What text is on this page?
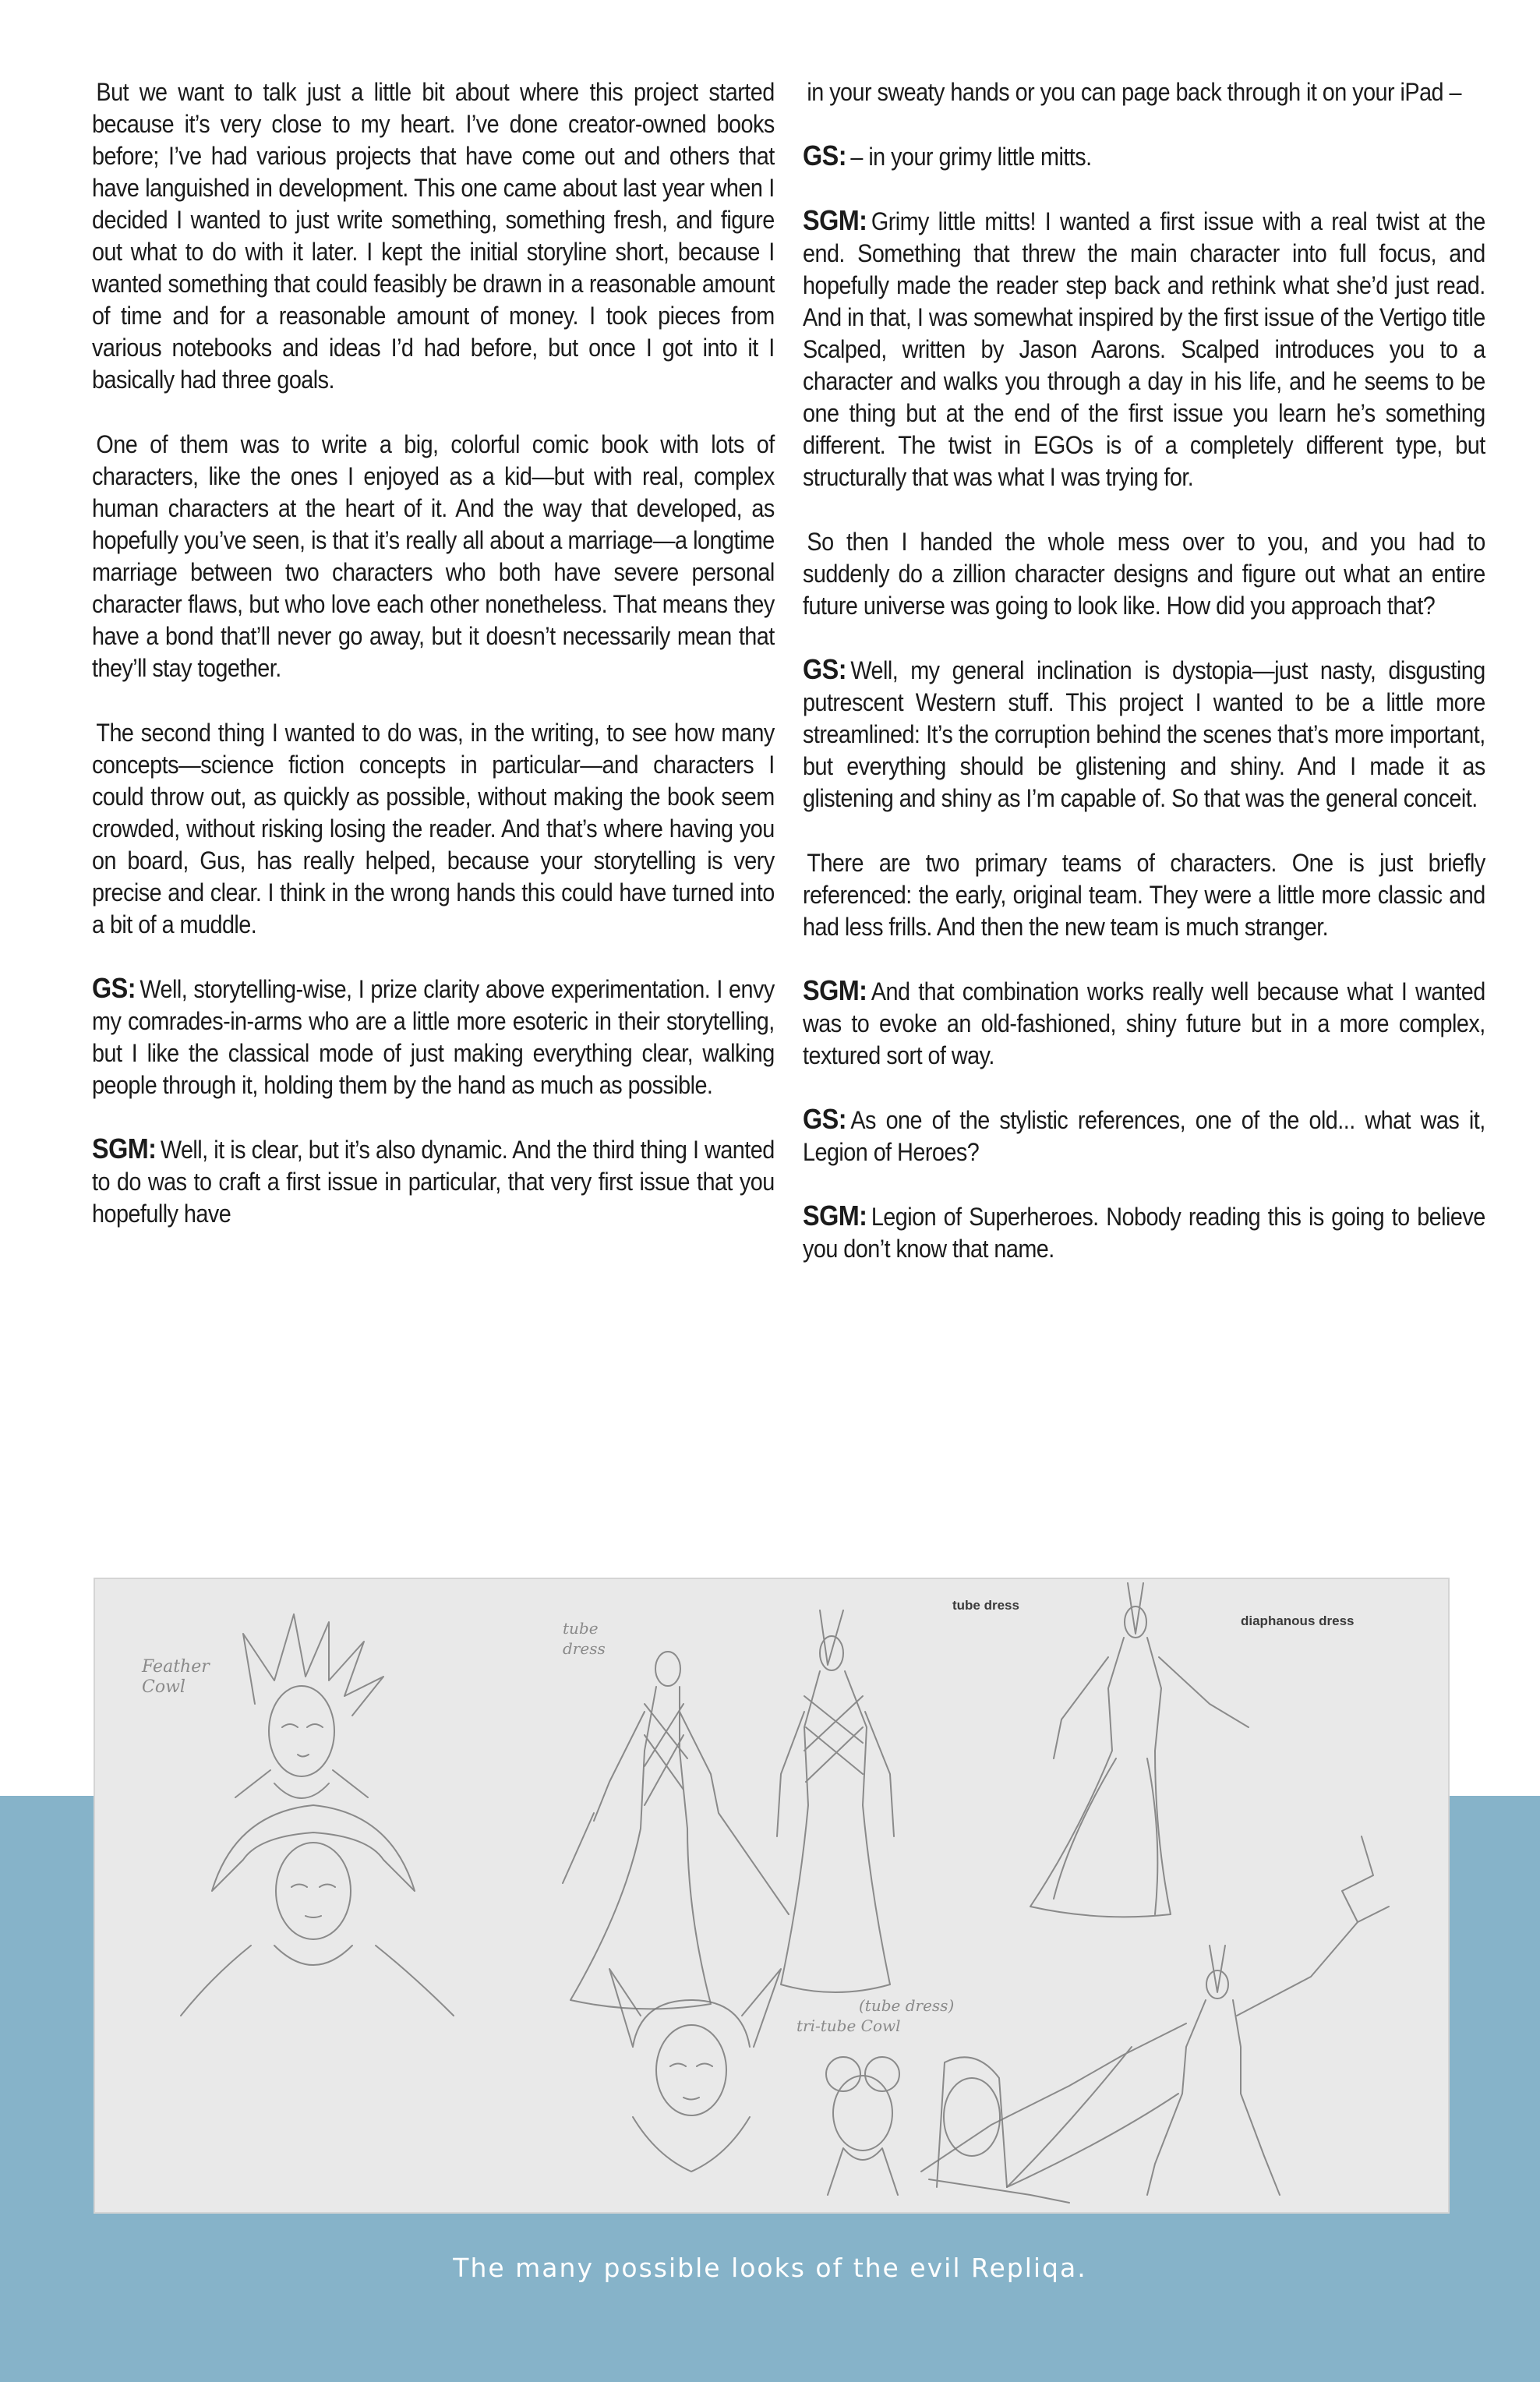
But we want to talk just a little bit about where this project started because it’s very close to my heart. I’ve done creator-owned books before; I’ve had various projects that have come out and others that have languished in development. This one came about last year when I decided I wanted to just write something, something fresh, and figure out what to do with it later. I kept the initial storyline short, because I wanted something that could feasibly be drawn in a reasonable amount of time and for a reasonable amount of money. I took pieces from various notebooks and ideas I’d had before, but once I got into it I basically had three goals.

One of them was to write a big, colorful comic book with lots of characters, like the ones I enjoyed as a kid—but with real, complex human characters at the heart of it. And the way that developed, as hopefully you’ve seen, is that it’s really all about a marriage—a longtime marriage between two characters who both have severe personal character flaws, but who love each other nonetheless. That means they have a bond that’ll never go away, but it doesn’t necessarily mean that they’ll stay together.

The second thing I wanted to do was, in the writing, to see how many concepts—science fiction concepts in particular—and characters I could throw out, as quickly as possible, without making the book seem crowded, without risking losing the reader. And that’s where having you on board, Gus, has really helped, because your storytelling is very precise and clear. I think in the wrong hands this could have turned into a bit of a muddle.

GS: Well, storytelling-wise, I prize clarity above experimentation. I envy my comrades-in-arms who are a little more esoteric in their storytelling, but I like the classical mode of just making everything clear, walking people through it, holding them by the hand as much as possible.

SGM: Well, it is clear, but it’s also dynamic. And the third thing I wanted to do was to craft a first issue in particular, that very first issue that you hopefully have

in your sweaty hands or you can page back through it on your iPad –

GS: – in your grimy little mitts.

SGM: Grimy little mitts! I wanted a first issue with a real twist at the end. Something that threw the main character into full focus, and hopefully made the reader step back and rethink what she’d just read. And in that, I was somewhat inspired by the first issue of the Vertigo title Scalped, written by Jason Aarons. Scalped introduces you to a character and walks you through a day in his life, and he seems to be one thing but at the end of the first issue you learn he’s something different. The twist in EGOs is of a completely different type, but structurally that was what I was trying for.

So then I handed the whole mess over to you, and you had to suddenly do a zillion character designs and figure out what an entire future universe was going to look like. How did you approach that?

GS: Well, my general inclination is dystopia—just nasty, disgusting putrescent Western stuff. This project I wanted to be a little more streamlined: It’s the corruption behind the scenes that’s more important, but everything should be glistening and shiny. And I made it as glistening and shiny as I’m capable of. So that was the general conceit.

There are two primary teams of characters. One is just briefly referenced: the early, original team. They were a little more classic and had less frills. And then the new team is much stranger.

SGM: And that combination works really well because what I wanted was to evoke an old-fashioned, shiny future but in a more complex, textured sort of way.

GS: As one of the stylistic references, one of the old... what was it, Legion of Heroes?

SGM: Legion of Superheroes. Nobody reading this is going to believe you don’t know that name.

tube dress
diaphanous dress
Feather Cowl
tube dress
tri-tube Cowl
(tube dress)
The many possible looks of the evil Repliqa.
